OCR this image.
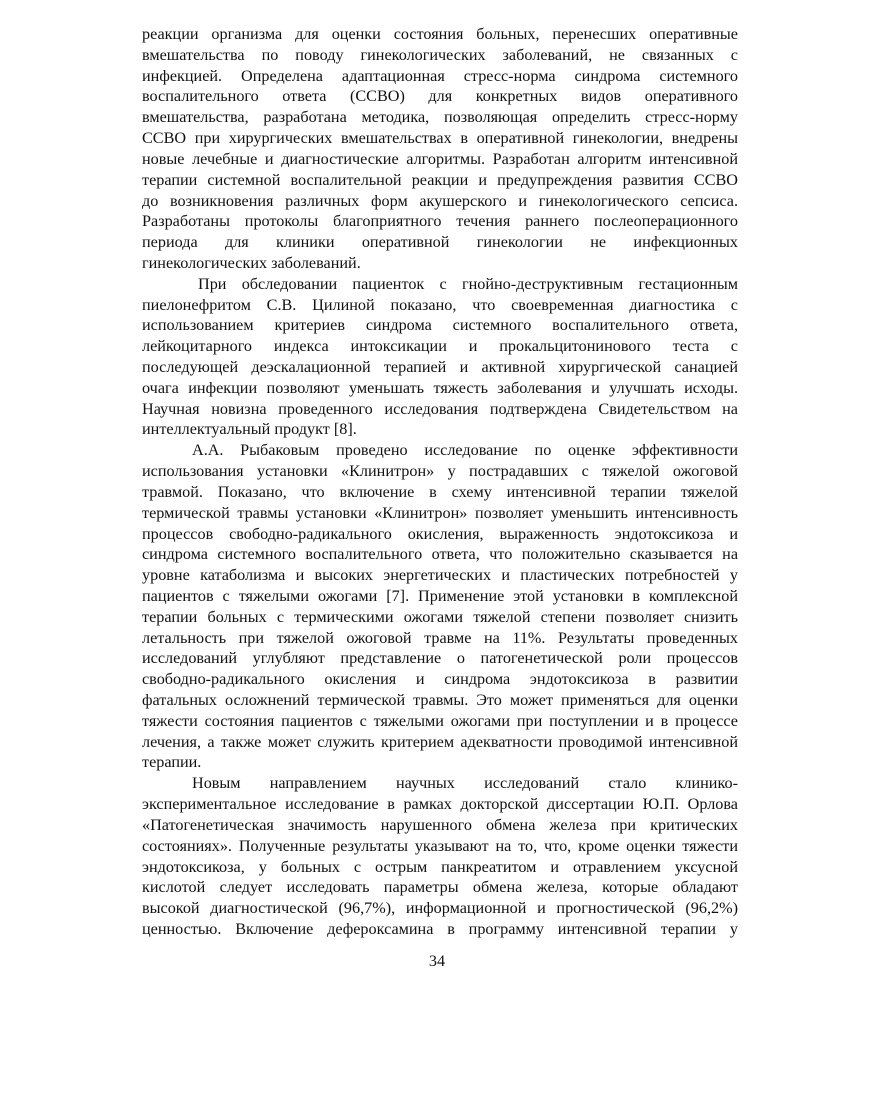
реакции организма для оценки состояния больных, перенесших оперативные
вмешательства по поводу гинекологических заболеваний, не связанных с
инфекцией. Определена адаптационная стресс-норма синдрома системного
воспалительного ответа (ССВО) для конкретных видов оперативного
вмешательства, разработана методика, позволяющая определить стресс-норму
ССВО при хирургических вмешательствах в оперативной гинекологии, внедрены
новые лечебные и диагностические алгоритмы. Разработан алгоритм интенсивной
терапии системной воспалительной реакции и предупреждения развития ССВО
до возникновения различных форм акушерского и гинекологического сепсиса.
Разработаны протоколы благоприятного течения раннего послеоперационного
периода для клиники оперативной гинекологии не инфекционных
гинекологических заболеваний.
При обследовании пациенток с гнойно-деструктивным гестационным
пиелонефритом С.В. Цилиной показано, что своевременная диагностика с
использованием критериев синдрома системного воспалительного ответа,
лейкоцитарного индекса интоксикации и прокальцитонинового теста с
последующей деэскалационной терапией и активной хирургической санацией
очага инфекции позволяют уменьшать тяжесть заболевания и улучшать исходы.
Научная новизна проведенного исследования подтверждена Свидетельством на
интеллектуальный продукт [8].
А.А. Рыбаковым проведено исследование по оценке эффективности
использования установки «Клинитрон» у пострадавших с тяжелой ожоговой
травмой. Показано, что включение в схему интенсивной терапии тяжелой
термической травмы установки «Клинитрон» позволяет уменьшить интенсивность
процессов свободно-радикального окисления, выраженность эндотоксикоза и
синдрома системного воспалительного ответа, что положительно сказывается на
уровне катаболизма и высоких энергетических и пластических потребностей у
пациентов с тяжелыми ожогами [7]. Применение этой установки в комплексной
терапии больных с термическими ожогами тяжелой степени позволяет снизить
летальность при тяжелой ожоговой травме на 11%. Результаты проведенных
исследований углубляют представление о патогенетической роли процессов
свободно-радикального окисления и синдрома эндотоксикоза в развитии
фатальных осложнений термической травмы. Это может применяться для оценки
тяжести состояния пациентов с тяжелыми ожогами при поступлении и в процессе
лечения, а также может служить критерием адекватности проводимой интенсивной
терапии.
Новым направлением научных исследований стало клинико-
экспериментальное исследование в рамках докторской диссертации Ю.П. Орлова
«Патогенетическая значимость нарушенного обмена железа при критических
состояниях». Полученные результаты указывают на то, что, кроме оценки тяжести
эндотоксикоза, у больных с острым панкреатитом и отравлением уксусной
кислотой следует исследовать параметры обмена железа, которые обладают
высокой диагностической (96,7%), информационной и прогностической (96,2%)
ценностью. Включение дефероксамина в программу интенсивной терапии у
34
